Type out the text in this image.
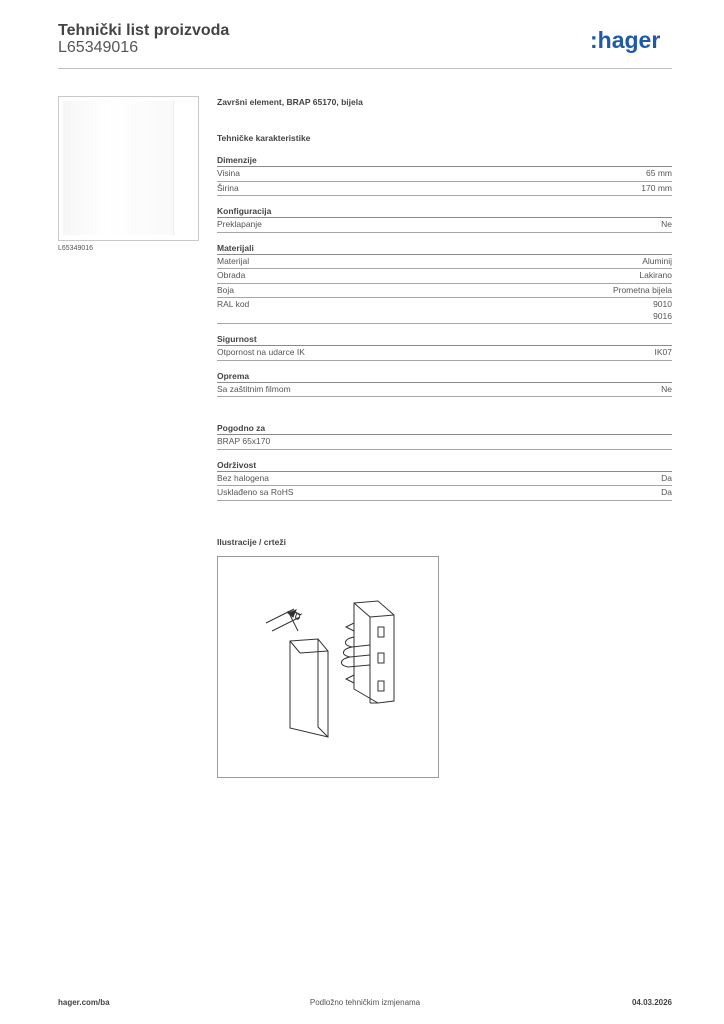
Tehnički list proizvoda
L65349016	:hager
L65349016
Završni element, BRAP 65170, bijela
Tehničke karakteristike
Dimenzije
Visina	65 mm
Širina	170 mm
Konfiguracija
Preklapanje	Ne
Materijali
Materijal	Aluminij
Obrada	Lakirano
Boja	Prometna bijela
RAL kod	9010
9016
Sigurnost
Otpornost na udarce IK	IK07
Oprema
Sa zaštitnim filmom	Ne
Pogodno za
BRAP 65x170
Održivost
Bez halogena	Da
Usklađeno sa RoHS	Da
Ilustracije / crteži
a
hager.com/ba	Podložno tehničkim izmjenama	04.03.2026
